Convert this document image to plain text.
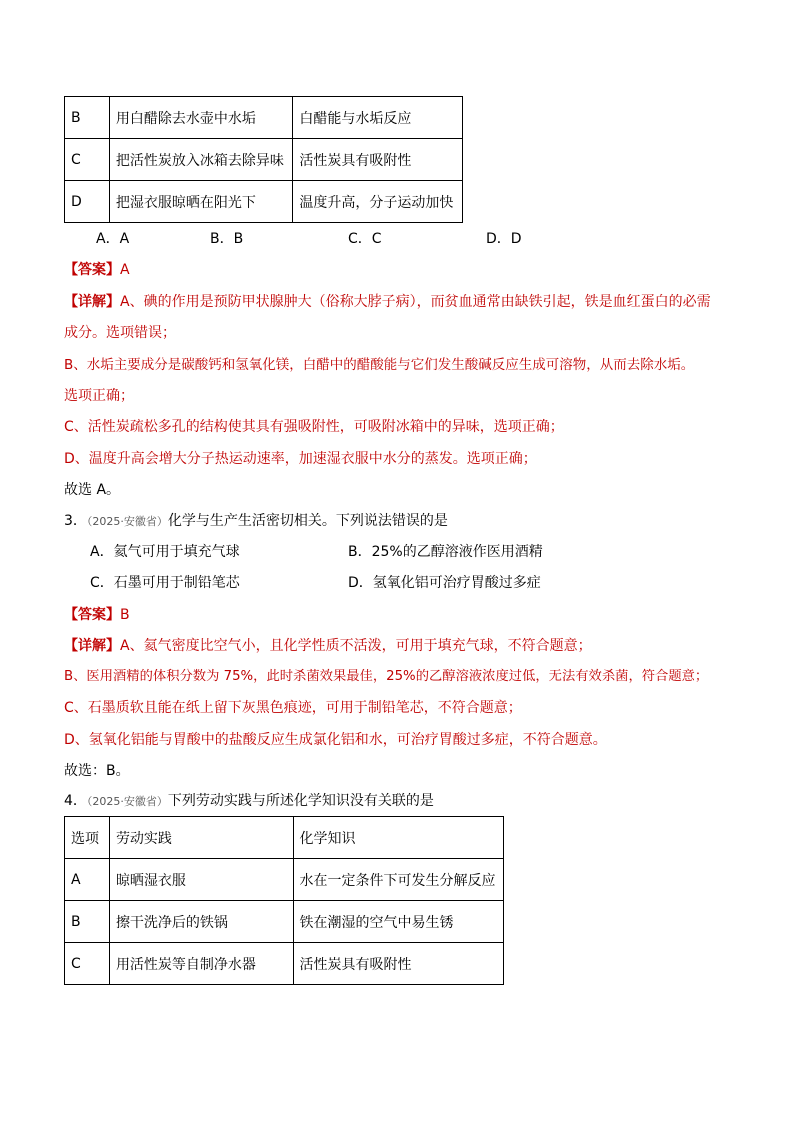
B	用白醋除去水壶中水垢	白醋能与水垢反应
C	把活性炭放入冰箱去除异味	活性炭具有吸附性
D	把湿衣服晾晒在阳光下	温度升高，分子运动加快
A．A	B．B	C．C	D．D
【答案】A
【详解】A、碘的作用是预防甲状腺肿大（俗称大脖子病），而贫血通常由缺铁引起，铁是血红蛋白的必需
成分。选项错误；
B、水垢主要成分是碳酸钙和氢氧化镁，白醋中的醋酸能与它们发生酸碱反应生成可溶物，从而去除水垢。
选项正确；
C、活性炭疏松多孔的结构使其具有强吸附性，可吸附冰箱中的异味，选项正确；
D、温度升高会增大分子热运动速率，加速湿衣服中水分的蒸发。选项正确；
故选 A。
3．（2025·安徽省）化学与生产生活密切相关。下列说法错误的是
A．氦气可用于填充气球	B．25%的乙醇溶液作医用酒精
C．石墨可用于制铅笔芯	D．氢氧化铝可治疗胃酸过多症
【答案】B
【详解】A、氦气密度比空气小，且化学性质不活泼，可用于填充气球，不符合题意；
B、医用酒精的体积分数为 75%，此时杀菌效果最佳，25%的乙醇溶液浓度过低，无法有效杀菌，符合题意；
C、石墨质软且能在纸上留下灰黑色痕迹，可用于制铅笔芯，不符合题意；
D、氢氧化铝能与胃酸中的盐酸反应生成氯化铝和水，可治疗胃酸过多症，不符合题意。
故选：B。
4．（2025·安徽省）下列劳动实践与所述化学知识没有关联的是
选项	劳动实践	化学知识
A	晾晒湿衣服	水在一定条件下可发生分解反应
B	擦干洗净后的铁锅	铁在潮湿的空气中易生锈
C	用活性炭等自制净水器	活性炭具有吸附性
